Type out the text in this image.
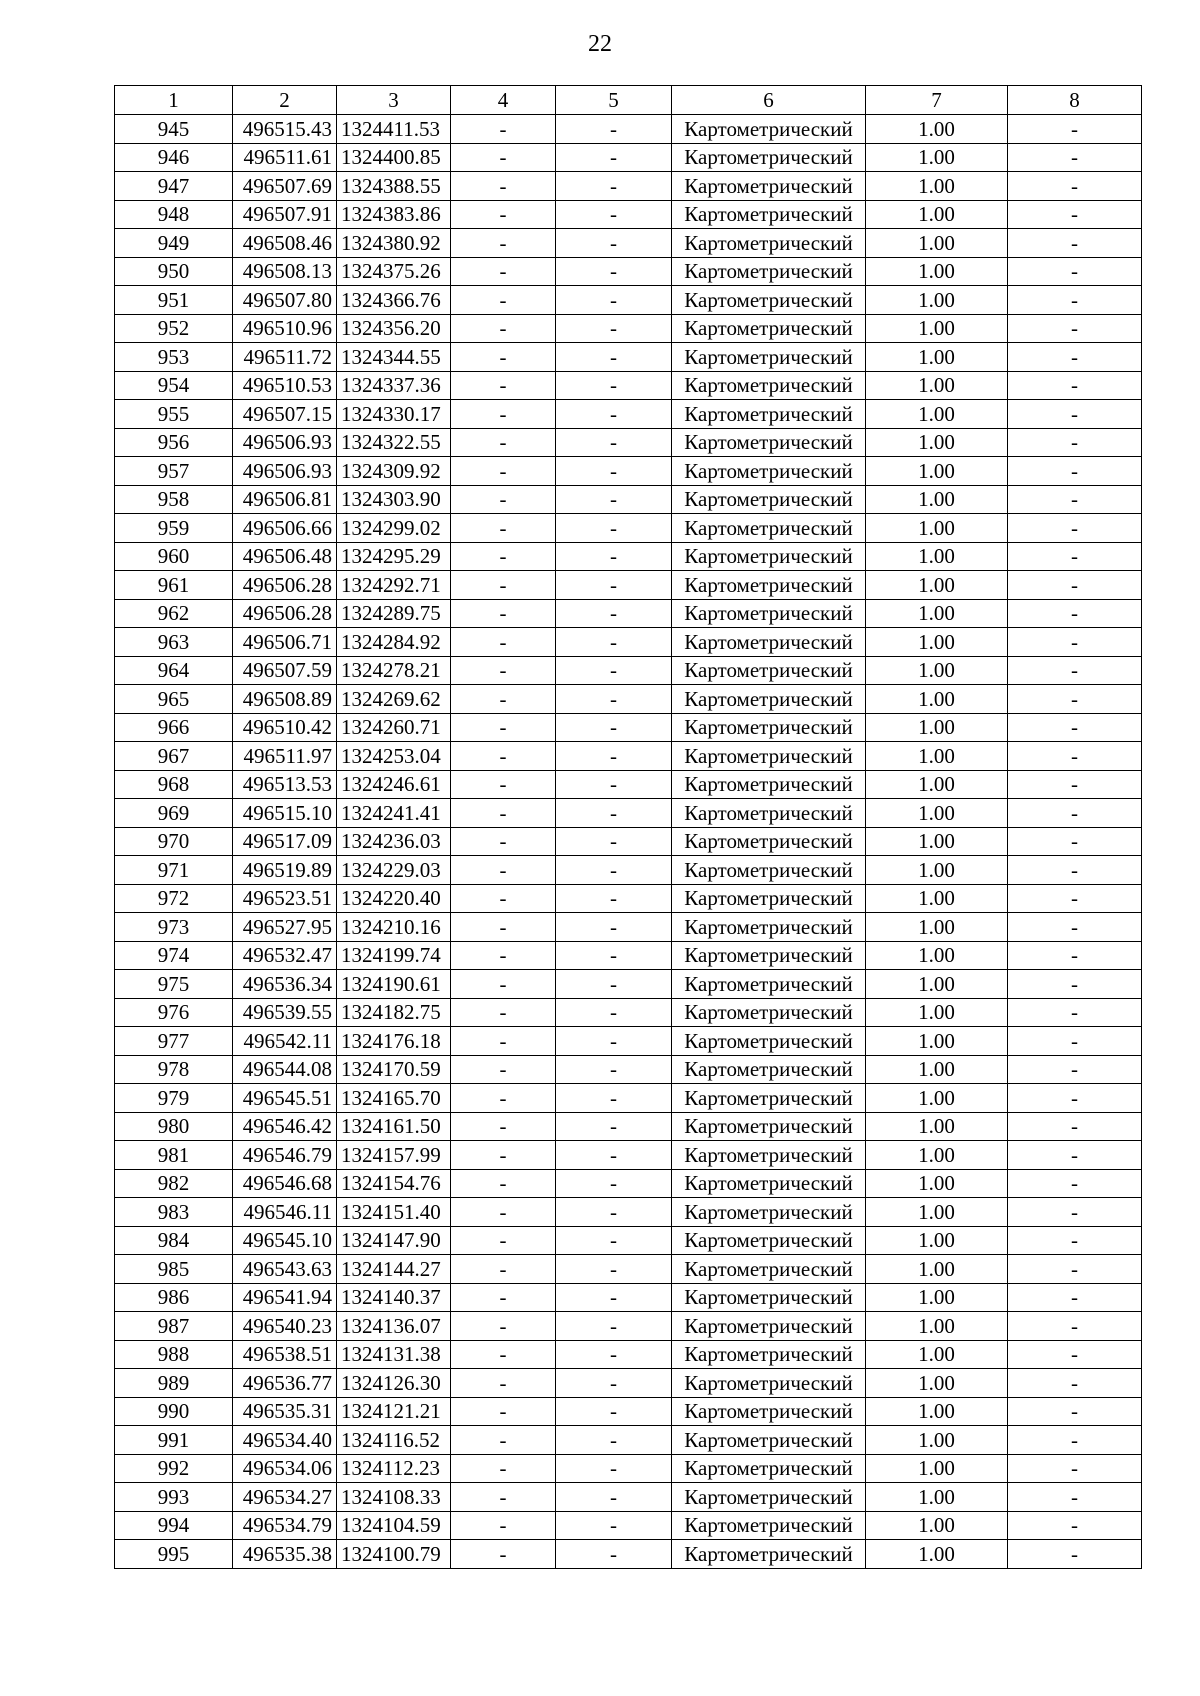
22
1	2	3	4	5	6	7	8
945	496515.43	1324411.53	-	-	Картометрический	1.00	-
946	496511.61	1324400.85	-	-	Картометрический	1.00	-
947	496507.69	1324388.55	-	-	Картометрический	1.00	-
948	496507.91	1324383.86	-	-	Картометрический	1.00	-
949	496508.46	1324380.92	-	-	Картометрический	1.00	-
950	496508.13	1324375.26	-	-	Картометрический	1.00	-
951	496507.80	1324366.76	-	-	Картометрический	1.00	-
952	496510.96	1324356.20	-	-	Картометрический	1.00	-
953	496511.72	1324344.55	-	-	Картометрический	1.00	-
954	496510.53	1324337.36	-	-	Картометрический	1.00	-
955	496507.15	1324330.17	-	-	Картометрический	1.00	-
956	496506.93	1324322.55	-	-	Картометрический	1.00	-
957	496506.93	1324309.92	-	-	Картометрический	1.00	-
958	496506.81	1324303.90	-	-	Картометрический	1.00	-
959	496506.66	1324299.02	-	-	Картометрический	1.00	-
960	496506.48	1324295.29	-	-	Картометрический	1.00	-
961	496506.28	1324292.71	-	-	Картометрический	1.00	-
962	496506.28	1324289.75	-	-	Картометрический	1.00	-
963	496506.71	1324284.92	-	-	Картометрический	1.00	-
964	496507.59	1324278.21	-	-	Картометрический	1.00	-
965	496508.89	1324269.62	-	-	Картометрический	1.00	-
966	496510.42	1324260.71	-	-	Картометрический	1.00	-
967	496511.97	1324253.04	-	-	Картометрический	1.00	-
968	496513.53	1324246.61	-	-	Картометрический	1.00	-
969	496515.10	1324241.41	-	-	Картометрический	1.00	-
970	496517.09	1324236.03	-	-	Картометрический	1.00	-
971	496519.89	1324229.03	-	-	Картометрический	1.00	-
972	496523.51	1324220.40	-	-	Картометрический	1.00	-
973	496527.95	1324210.16	-	-	Картометрический	1.00	-
974	496532.47	1324199.74	-	-	Картометрический	1.00	-
975	496536.34	1324190.61	-	-	Картометрический	1.00	-
976	496539.55	1324182.75	-	-	Картометрический	1.00	-
977	496542.11	1324176.18	-	-	Картометрический	1.00	-
978	496544.08	1324170.59	-	-	Картометрический	1.00	-
979	496545.51	1324165.70	-	-	Картометрический	1.00	-
980	496546.42	1324161.50	-	-	Картометрический	1.00	-
981	496546.79	1324157.99	-	-	Картометрический	1.00	-
982	496546.68	1324154.76	-	-	Картометрический	1.00	-
983	496546.11	1324151.40	-	-	Картометрический	1.00	-
984	496545.10	1324147.90	-	-	Картометрический	1.00	-
985	496543.63	1324144.27	-	-	Картометрический	1.00	-
986	496541.94	1324140.37	-	-	Картометрический	1.00	-
987	496540.23	1324136.07	-	-	Картометрический	1.00	-
988	496538.51	1324131.38	-	-	Картометрический	1.00	-
989	496536.77	1324126.30	-	-	Картометрический	1.00	-
990	496535.31	1324121.21	-	-	Картометрический	1.00	-
991	496534.40	1324116.52	-	-	Картометрический	1.00	-
992	496534.06	1324112.23	-	-	Картометрический	1.00	-
993	496534.27	1324108.33	-	-	Картометрический	1.00	-
994	496534.79	1324104.59	-	-	Картометрический	1.00	-
995	496535.38	1324100.79	-	-	Картометрический	1.00	-
